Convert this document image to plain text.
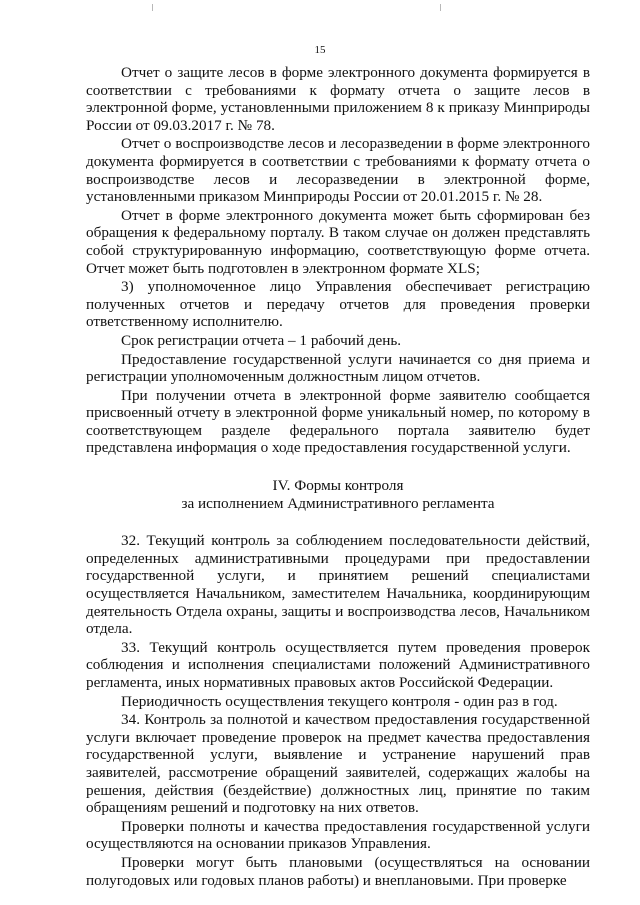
15

Отчет о защите лесов в форме электронного документа формируется в соответствии с требованиями к формату отчета о защите лесов в электронной форме, установленными приложением 8 к приказу Минприроды России от 09.03.2017 г. № 78.

Отчет о воспроизводстве лесов и лесоразведении в форме электронного документа формируется в соответствии с требованиями к формату отчета о воспроизводстве лесов и лесоразведении в электронной форме, установленными приказом Минприроды России от 20.01.2015 г. № 28.

Отчет в форме электронного документа может быть сформирован без обращения к федеральному порталу. В таком случае он должен представлять собой структурированную информацию, соответствующую форме отчета. Отчет может быть подготовлен в электронном формате XLS;

3) уполномоченное лицо Управления обеспечивает регистрацию полученных отчетов и передачу отчетов для проведения проверки ответственному исполнителю.

Срок регистрации отчета – 1 рабочий день.

Предоставление государственной услуги начинается со дня приема и регистрации уполномоченным должностным лицом отчетов.

При получении отчета в электронной форме заявителю сообщается присвоенный отчету в электронной форме уникальный номер, по которому в соответствующем разделе федерального портала заявителю будет представлена информация о ходе предоставления государственной услуги.

IV. Формы контроля
за исполнением Административного регламента

32. Текущий контроль за соблюдением последовательности действий, определенных административными процедурами при предоставлении государственной услуги, и принятием решений специалистами осуществляется Начальником, заместителем Начальника, координирующим деятельность Отдела охраны, защиты и воспроизводства лесов, Начальником отдела.

33. Текущий контроль осуществляется путем проведения проверок соблюдения и исполнения специалистами положений Административного регламента, иных нормативных правовых актов Российской Федерации.

Периодичность осуществления текущего контроля - один раз в год.

34. Контроль за полнотой и качеством предоставления государственной услуги включает проведение проверок на предмет качества предоставления государственной услуги, выявление и устранение нарушений прав заявителей, рассмотрение обращений заявителей, содержащих жалобы на решения, действия (бездействие) должностных лиц, принятие по таким обращениям решений и подготовку на них ответов.

Проверки полноты и качества предоставления государственной услуги осуществляются на основании приказов Управления.

Проверки могут быть плановыми (осуществляться на основании полугодовых или годовых планов работы) и внеплановыми. При проверке
